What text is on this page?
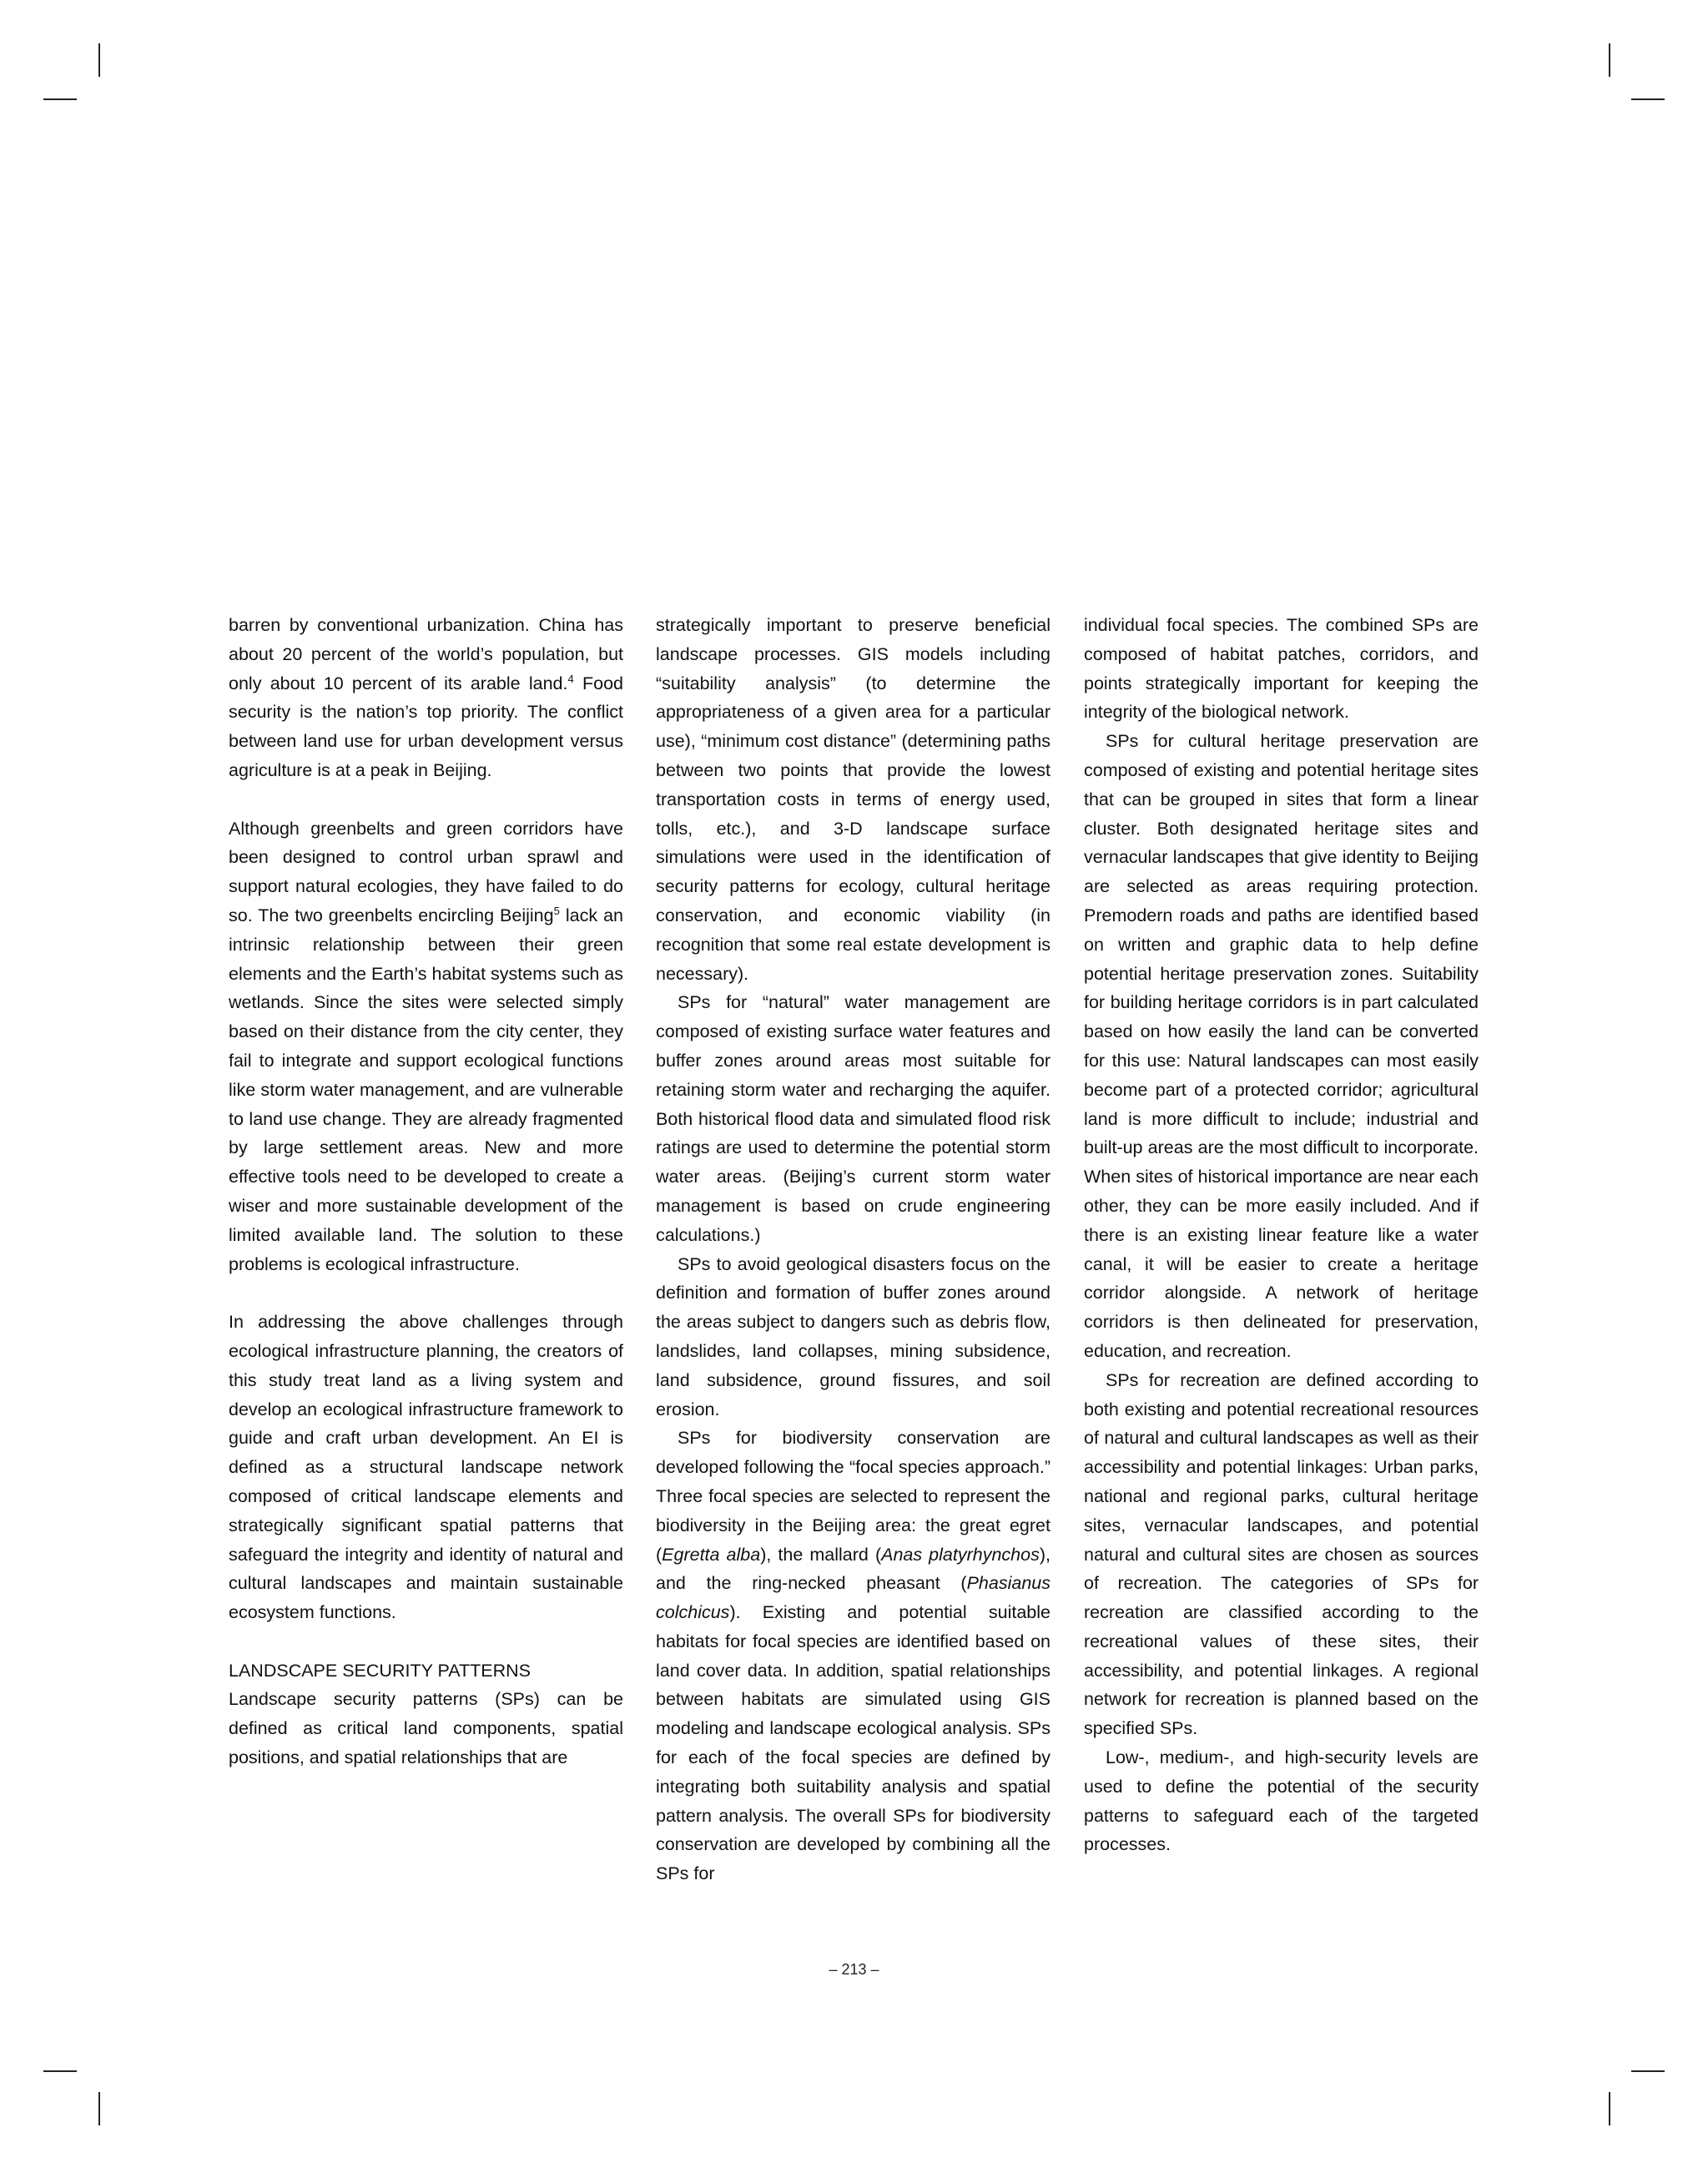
barren by conventional urbanization. China has about 20 percent of the world’s population, but only about 10 percent of its arable land.$^4$ Food security is the nation’s top priority. The conflict between land use for urban development versus agriculture is at a peak in Beijing.

Although greenbelts and green corridors have been designed to control urban sprawl and support natural ecologies, they have failed to do so. The two greenbelts encircling Beijing$^5$ lack an intrinsic relationship between their green elements and the Earth’s habitat systems such as wetlands. Since the sites were selected simply based on their distance from the city center, they fail to integrate and support ecological functions like storm water management, and are vulnerable to land use change. They are already fragmented by large settlement areas. New and more effective tools need to be developed to create a wiser and more sustainable development of the limited available land. The solution to these problems is ecological infrastructure.

In addressing the above challenges through ecological infrastructure planning, the creators of this study treat land as a living system and develop an ecological infrastructure framework to guide and craft urban development. An EI is defined as a structural landscape network composed of critical landscape elements and strategically significant spatial patterns that safeguard the integrity and identity of natural and cultural landscapes and maintain sustainable ecosystem functions.

LANDSCAPE SECURITY PATTERNS

Landscape security patterns (SPs) can be defined as critical land components, spatial positions, and spatial relationships that are

strategically important to preserve beneficial landscape processes. GIS models including “suitability analysis” (to determine the appropriateness of a given area for a particular use), “minimum cost distance” (determining paths between two points that provide the lowest transportation costs in terms of energy used, tolls, etc.), and 3-D landscape surface simulations were used in the identification of security patterns for ecology, cultural heritage conservation, and economic viability (in recognition that some real estate development is necessary).

SPs for “natural” water management are composed of existing surface water features and buffer zones around areas most suitable for retaining storm water and recharging the aquifer. Both historical flood data and simulated flood risk ratings are used to determine the potential storm water areas. (Beijing’s current storm water management is based on crude engineering calculations.)

SPs to avoid geological disasters focus on the definition and formation of buffer zones around the areas subject to dangers such as debris flow, landslides, land collapses, mining subsidence, land subsidence, ground fissures, and soil erosion.

SPs for biodiversity conservation are developed following the “focal species approach.” Three focal species are selected to represent the biodiversity in the Beijing area: the great egret (Egretta alba), the mallard (Anas platyrhynchos), and the ring-necked pheasant (Phasianus colchicus). Existing and potential suitable habitats for focal species are identified based on land cover data. In addition, spatial relationships between habitats are simulated using GIS modeling and landscape ecological analysis. SPs for each of the focal species are defined by integrating both suitability analysis and spatial pattern analysis. The overall SPs for biodiversity conservation are developed by combining all the SPs for

individual focal species. The combined SPs are composed of habitat patches, corridors, and points strategically important for keeping the integrity of the biological network.

SPs for cultural heritage preservation are composed of existing and potential heritage sites that can be grouped in sites that form a linear cluster. Both designated heritage sites and vernacular landscapes that give identity to Beijing are selected as areas requiring protection. Premodern roads and paths are identified based on written and graphic data to help define potential heritage preservation zones. Suitability for building heritage corridors is in part calculated based on how easily the land can be converted for this use: Natural landscapes can most easily become part of a protected corridor; agricultural land is more difficult to include; industrial and built-up areas are the most difficult to incorporate. When sites of historical importance are near each other, they can be more easily included. And if there is an existing linear feature like a water canal, it will be easier to create a heritage corridor alongside. A network of heritage corridors is then delineated for preservation, education, and recreation.

SPs for recreation are defined according to both existing and potential recreational resources of natural and cultural landscapes as well as their accessibility and potential linkages: Urban parks, national and regional parks, cultural heritage sites, vernacular landscapes, and potential natural and cultural sites are chosen as sources of recreation. The categories of SPs for recreation are classified according to the recreational values of these sites, their accessibility, and potential linkages. A regional network for recreation is planned based on the specified SPs.

Low-, medium-, and high-security levels are used to define the potential of the security patterns to safeguard each of the targeted processes.

– 213 –
